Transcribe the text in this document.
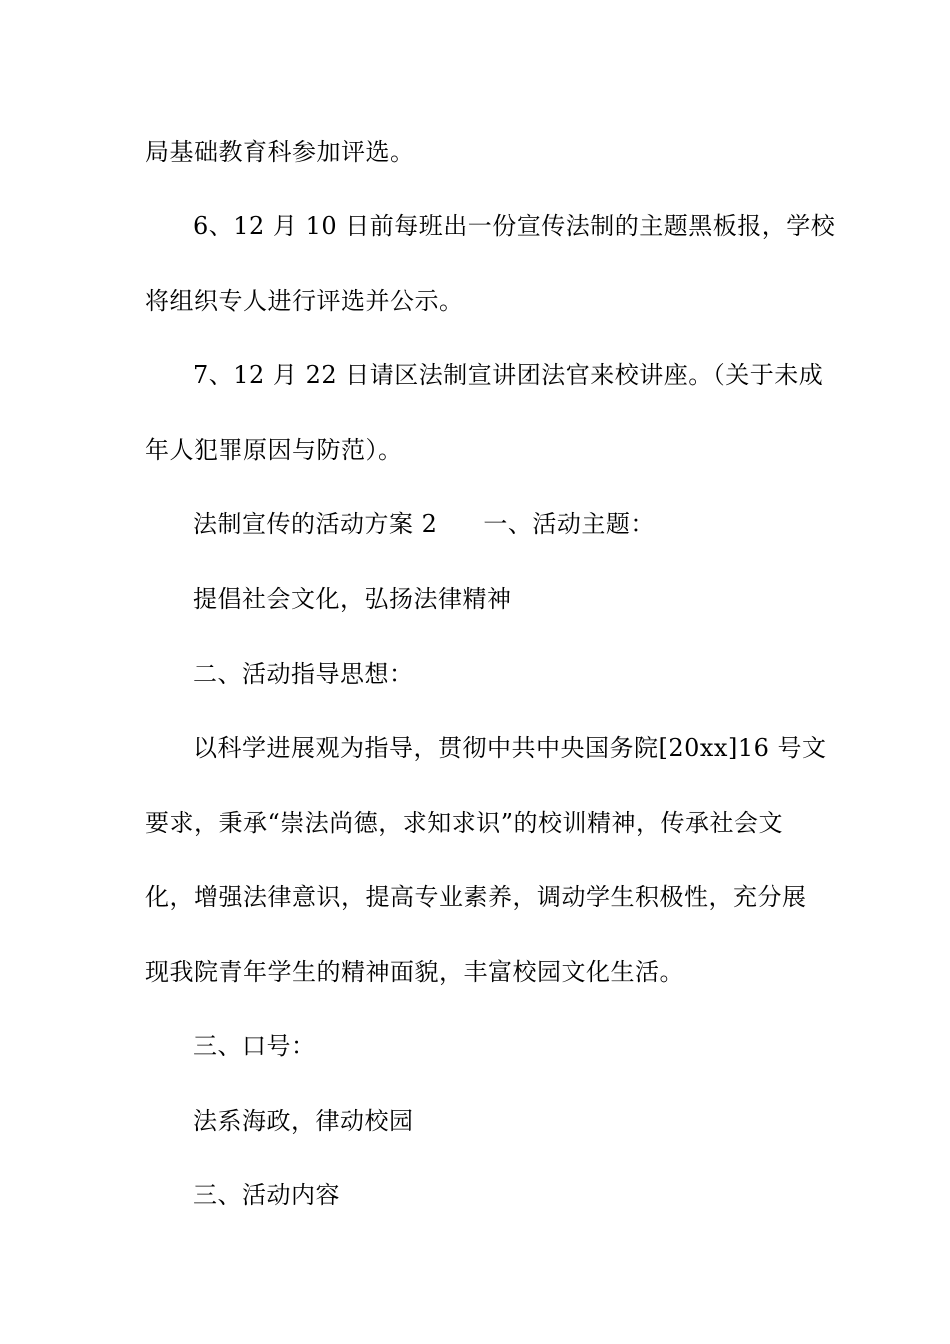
局基础教育科参加评选。
6、12 月 10 日前每班出一份宣传法制的主题黑板报，学校
将组织专人进行评选并公示。
7、12 月 22 日请区法制宣讲团法官来校讲座。（关于未成
年人犯罪原因与防范）。
法制宣传的活动方案 2 一、活动主题：
提倡社会文化，弘扬法律精神
二、活动指导思想：
以科学进展观为指导，贯彻中共中央国务院[20xx]16 号文
要求，秉承“崇法尚德，求知求识”的校训精神，传承社会文
化，增强法律意识，提高专业素养，调动学生积极性，充分展
现我院青年学生的精神面貌，丰富校园文化生活。
三、口号：
法系海政，律动校园
三、活动内容
